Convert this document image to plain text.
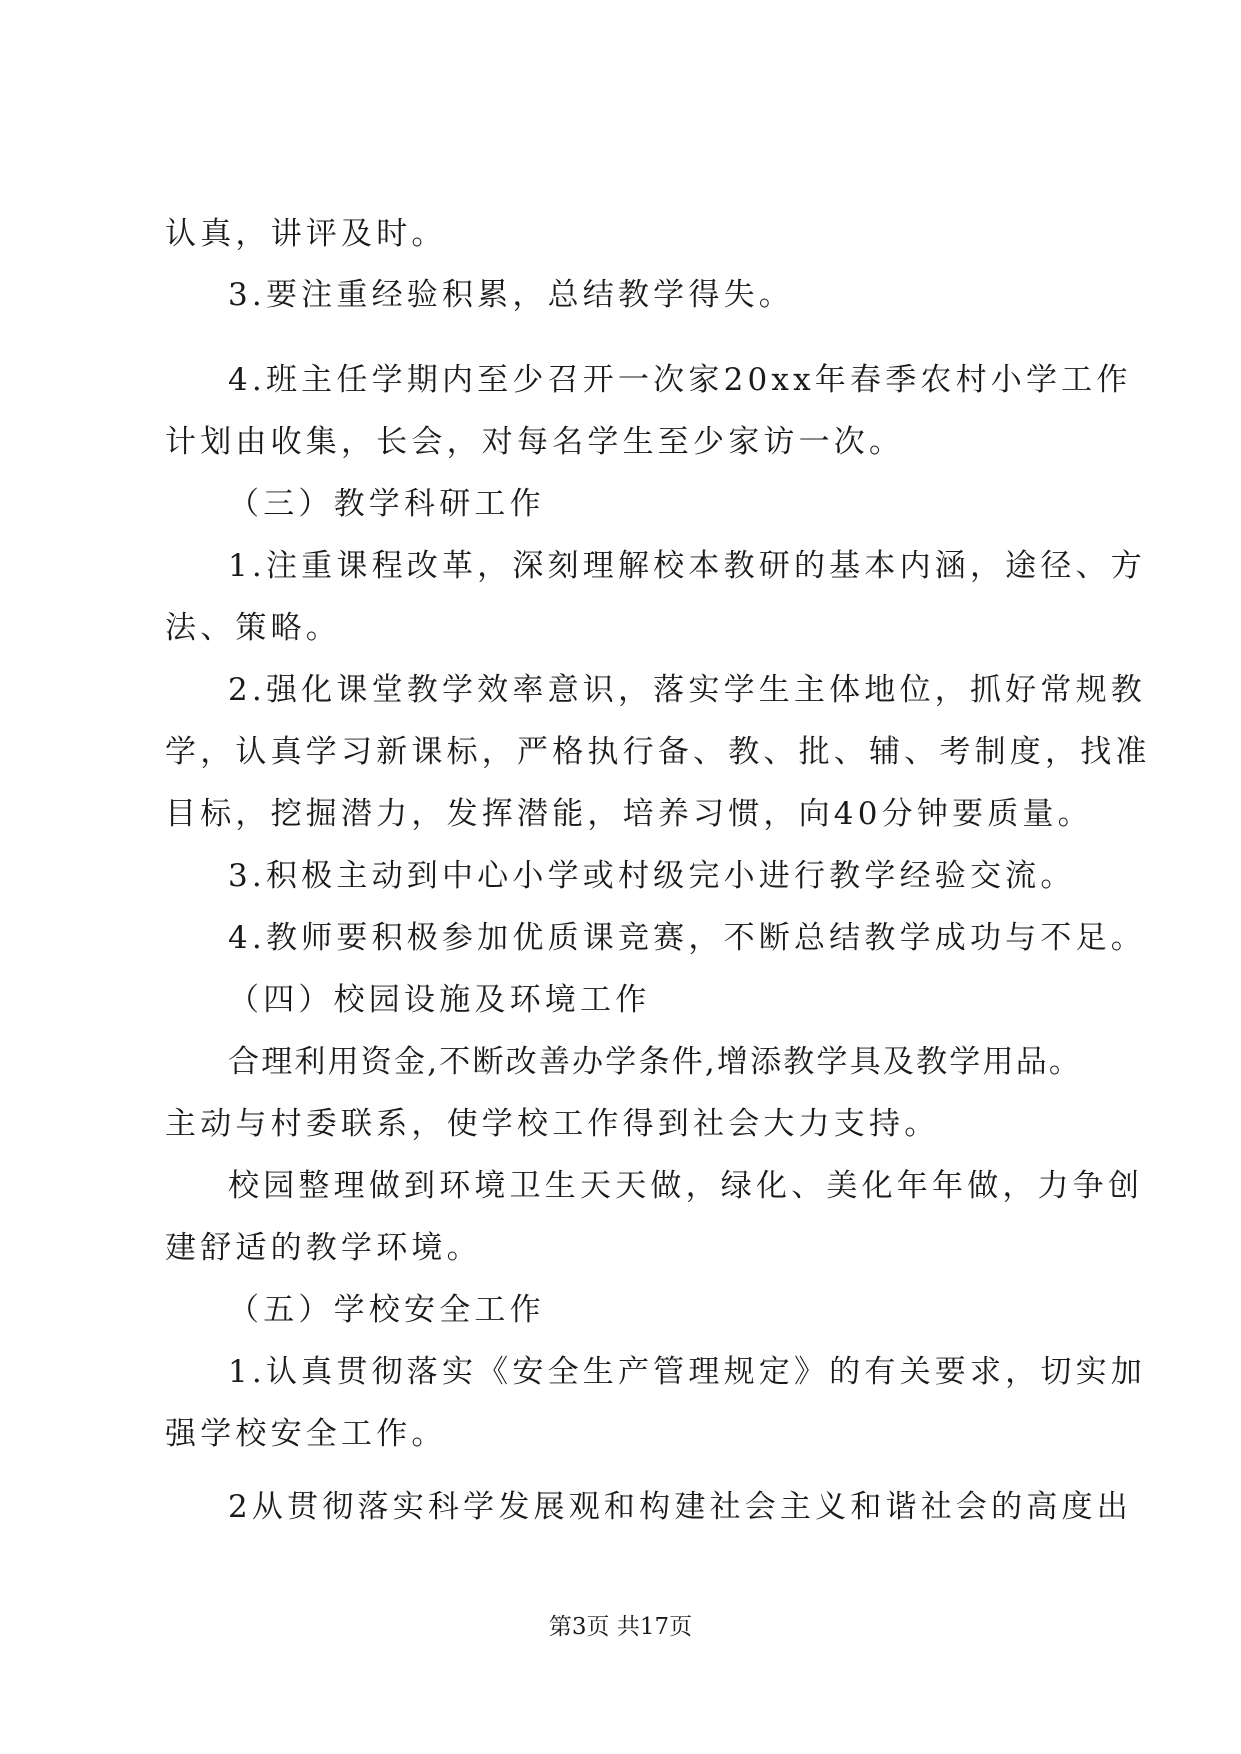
认真，讲评及时。
3.要注重经验积累，总结教学得失。
4.班主任学期内至少召开一次家20xx年春季农村小学工作
计划由收集，长会，对每名学生至少家访一次。
（三）教学科研工作
1.注重课程改革，深刻理解校本教研的基本内涵，途径、方
法、策略。
2.强化课堂教学效率意识，落实学生主体地位，抓好常规教
学，认真学习新课标，严格执行备、教、批、辅、考制度，找准
目标，挖掘潜力，发挥潜能，培养习惯，向40分钟要质量。
3.积极主动到中心小学或村级完小进行教学经验交流。
4.教师要积极参加优质课竞赛，不断总结教学成功与不足。
（四）校园设施及环境工作
合理利用资金,不断改善办学条件,增添教学具及教学用品。
主动与村委联系，使学校工作得到社会大力支持。
校园整理做到环境卫生天天做，绿化、美化年年做，力争创
建舒适的教学环境。
（五）学校安全工作
1.认真贯彻落实《安全生产管理规定》的有关要求，切实加
强学校安全工作。
2从贯彻落实科学发展观和构建社会主义和谐社会的高度出
第3页 共17页
